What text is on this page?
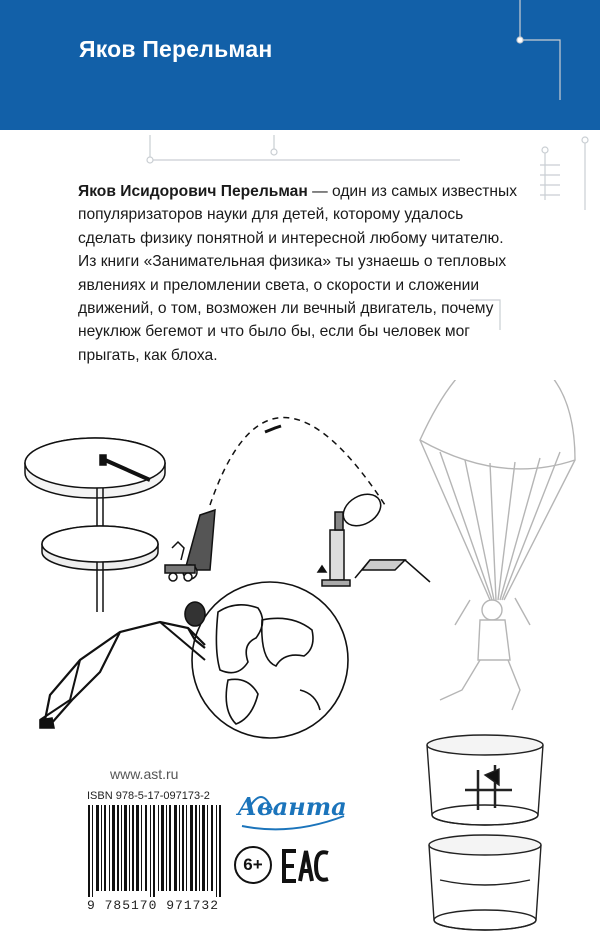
Яков Перельман
Яков Исидорович Перельман — один из самых известных популяризаторов науки для детей, которому удалось сделать физику понятной и интересной любому читателю. Из книги «Занимательная физика» ты узнаешь о тепловых явлениях и преломлении света, о скорости и сложении движений, о том, возможен ли вечный двигатель, почему неуклюж бегемот и что было бы, если бы человек мог прыгать, как блоха.
www.ast.ru
ISBN 978-5-17-097173-2
9 785170 971732
Аванта
6+
